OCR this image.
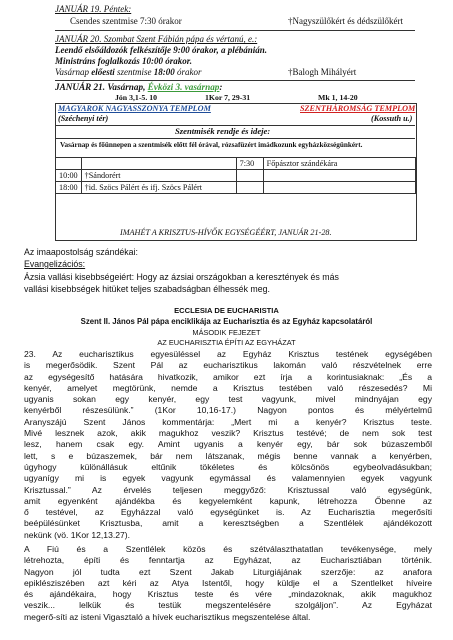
JANUÁR 19. Péntek:
Csendes szentmise 7:30 órakor	†Nagyszülőkért és dédszülőkért
JANUÁR 20. Szombat Szent Fábián pápa és vértanú, e.:
Leendő elsőáldozók felkészítője 9:00 órakor, a plébánián.
Ministráns foglalkozás 10:00 órakor.
Vasárnap előesti szentmise 18:00 órakor	†Balogh Mihályért
JANUÁR 21. Vasárnap, Évközi 3. vasárnap:
Jón 3,1-5. 10	1Kor 7, 29-31	Mk 1, 14-20
MAGYAROK NAGYASSZONYA TEMPLOM	SZENTHÁROMSÁG TEMPLOM
(Széchenyi tér)	(Kossuth u.)
Szentmisék rendje és ideje:
Vasárnap és főünnepen a szentmisék előtt fél órával, rózsafüzért imádkozunk egyházközségünkért.
		7:30	Főpásztor szándékára
10:00	†Sándorért		
18:00	†id. Szöcs Pálért és ifj. Szöcs Pálért		
IMAHÉT A KRISZTUS-HÍVŐK EGYSÉGÉÉRT, JANUÁR 21-28.
Az imaapostolság szándékai:
Evangelizációs:
Ázsia vallási kisebbségeiért: Hogy az ázsiai országokban a keresztények és más
vallási kisebbségek hitüket teljes szabadságban élhessék meg.
ECCLESIA DE EUCHARISTIA
Szent II. János Pál pápa enciklikája az Eucharisztia és az Egyház kapcsolatáról
MÁSODIK FEJEZET
AZ EUCHARISZTIA ÉPÍTI AZ EGYHÁZAT

23. Az eucharisztikus egyesüléssel az Egyház Krisztus testének egységében
is megerősödik. Szent Pál az eucharisztikus lakomán való részvételnek erre
az egységesítő hatására hivatkozik, amikor ezt írja a korintusiaknak: „És a
kenyér, amelyet megtörünk, nemde a Krisztus testében való részesedés? Mi
ugyanis sokan egy kenyér, egy test vagyunk, mivel mindnyájan egy
kenyérből részesülünk.” (1Kor 10,16-17.) Nagyon pontos és mélyértelmű
Aranyszájú Szent János kommentárja: „Mert mi a kenyér? Krisztus teste.
Mivé lesznek azok, akik magukhoz veszik? Krisztus testévé; de nem sok test
lesz, hanem csak egy. Amint ugyanis a kenyér egy, bár sok búzaszemből
lett, s e búzaszemek, bár nem látszanak, mégis benne vannak a kenyérben,
úgyhogy különállásuk eltűnik tökéletes és kölcsönös egybeolvadásukban;
ugyanígy mi is egyek vagyunk egymással és valamennyien egyek vagyunk
Krisztussal.” Az érvelés teljesen meggyőző: Krisztussal való egységünk,
amit egyenként ajándékba és kegyelemként kapunk, létrehozza Őbenne az
ő testével, az Egyházzal való egységünket is. Az Eucharisztia megerősíti
beépülésünket Krisztusba, amit a keresztségben a Szentlélek ajándékozott
nekünk (vö. 1Kor 12,13.27).

A Fiú és a Szentlélek közös és szétválaszthatatlan tevékenysége, mely
létrehozta, építi és fenntartja az Egyházat, az Eucharisztiában történik.
Nagyon jól tudta ezt Szent Jakab Liturgiájának szerzője: az anafora
epiklésziszében azt kéri az Atya Istentől, hogy küldje el a Szentlelket híveire
és ajándékaira, hogy Krisztus teste és vére „mindazoknak, akik magukhoz
veszik... lelkük és testük megszentelésére szolgáljon”. Az Egyházat
megerő-síti az isteni Vigasztaló a hívek eucharisztikus megszentelése által.
